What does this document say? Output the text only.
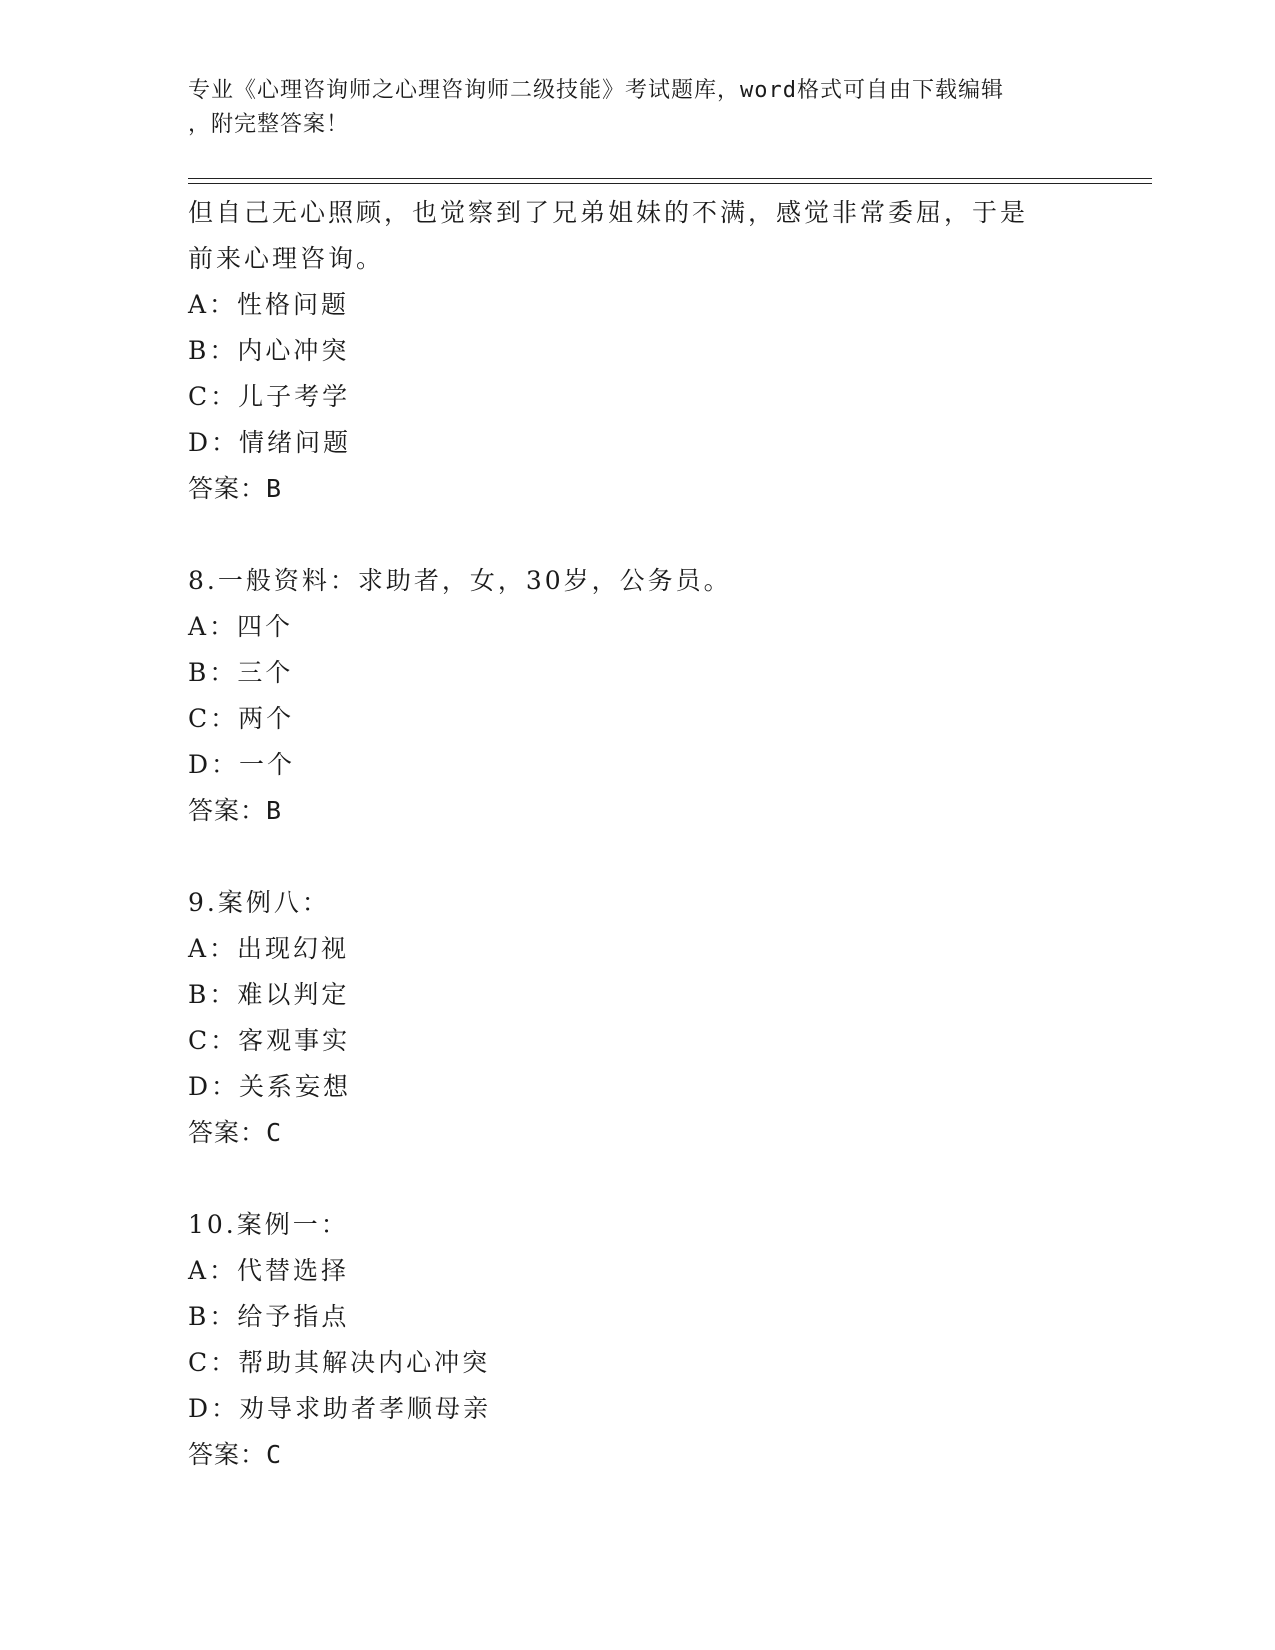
专业《心理咨询师之心理咨询师二级技能》考试题库，word格式可自由下载编辑
，附完整答案！
但自己无心照顾，也觉察到了兄弟姐妹的不满，感觉非常委屈，于是
前来心理咨询。
A：性格问题
B：内心冲突
C：儿子考学
D：情绪问题
答案：B
8.一般资料：求助者，女，30岁，公务员。
A：四个
B：三个
C：两个
D：一个
答案：B
9.案例八：
A：出现幻视
B：难以判定
C：客观事实
D：关系妄想
答案：C
10.案例一：
A：代替选择
B：给予指点
C：帮助其解决内心冲突
D：劝导求助者孝顺母亲
答案：C
